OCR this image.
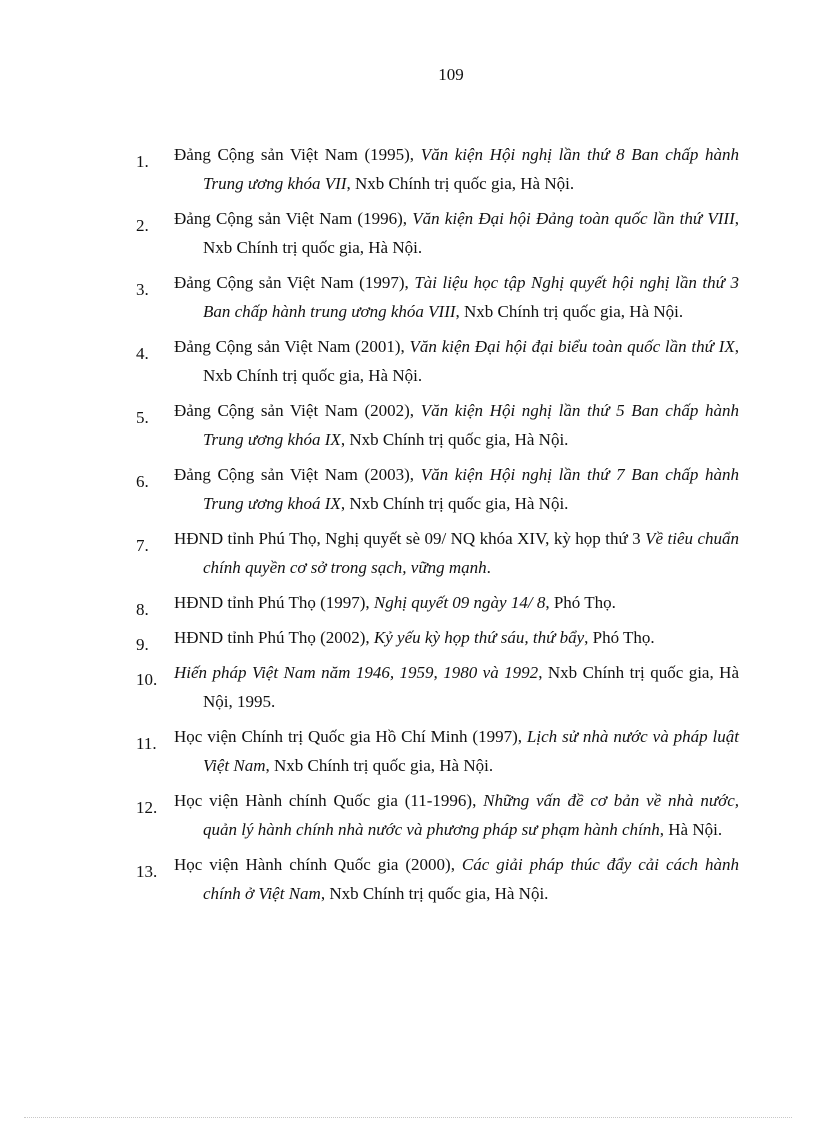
109
1. Đảng Cộng sản Việt Nam (1995), Văn kiện Hội nghị lần thứ 8 Ban chấp hành Trung ương khóa VII, Nxb Chính trị quốc gia, Hà Nội.
2. Đảng Cộng sản Việt Nam (1996), Văn kiện Đại hội Đảng toàn quốc lần thứ VIII, Nxb Chính trị quốc gia, Hà Nội.
3. Đảng Cộng sản Việt Nam (1997), Tài liệu học tập Nghị quyết hội nghị lần thứ 3 Ban chấp hành trung ương khóa VIII, Nxb Chính trị quốc gia, Hà Nội.
4. Đảng Cộng sản Việt Nam (2001), Văn kiện Đại hội đại biểu toàn quốc lần thứ IX, Nxb Chính trị quốc gia, Hà Nội.
5. Đảng Cộng sản Việt Nam (2002), Văn kiện Hội nghị lần thứ 5 Ban chấp hành Trung ương khóa IX, Nxb Chính trị quốc gia, Hà Nội.
6. Đảng Cộng sản Việt Nam (2003), Văn kiện Hội nghị lần thứ 7 Ban chấp hành Trung ương khoá IX, Nxb Chính trị quốc gia, Hà Nội.
7. HĐND tỉnh Phú Thọ, Nghị quyết sè 09/ NQ khóa XIV, kỳ họp thứ 3 Về tiêu chuẩn chính quyền cơ sở trong sạch, vững mạnh.
8. HĐND tỉnh Phú Thọ (1997), Nghị quyết 09 ngày 14/ 8, Phó Thọ.
9. HĐND tỉnh Phú Thọ (2002), Kỷ yếu kỳ họp thứ sáu, thứ bẩy, Phó Thọ.
10. Hiến pháp Việt Nam năm 1946, 1959, 1980 và 1992, Nxb Chính trị quốc gia, Hà Nội, 1995.
11. Học viện Chính trị Quốc gia Hồ Chí Minh (1997), Lịch sử nhà nước và pháp luật Việt Nam, Nxb Chính trị quốc gia, Hà Nội.
12. Học viện Hành chính Quốc gia (11-1996), Những vấn đề cơ bản về nhà nước, quản lý hành chính nhà nước và phương pháp sư phạm hành chính, Hà Nội.
13. Học viện Hành chính Quốc gia (2000), Các giải pháp thúc đẩy cải cách hành chính ở Việt Nam, Nxb Chính trị quốc gia, Hà Nội.
